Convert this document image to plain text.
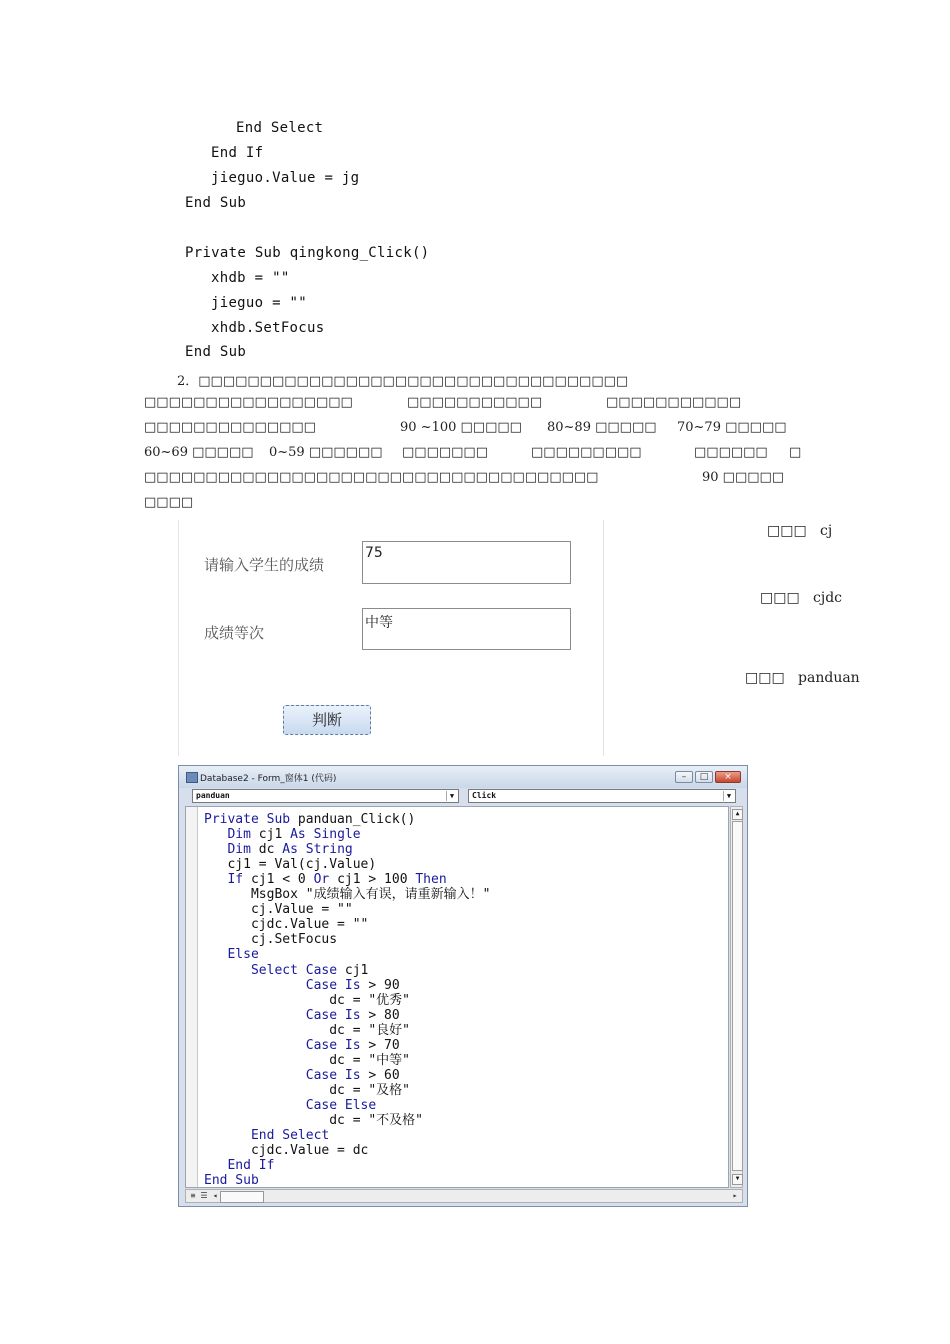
End Select
End If
jieguo.Value = jg
End Sub
Private Sub qingkong_Click()
xhdb = ""
jieguo = ""
xhdb.SetFocus
End Sub
2．□□□□□□□□□□□□□□□□□□□□□□□□□□□□□□□□□□□
□□□□□□□□□□□□□□□□□	□□□□□□□□□□□	□□□□□□□□□□□
□□□□□□□□□□□□□□	90 ~100 □□□□□ 80~89 □□□□□ 70~79 □□□□□
60~69 □□□□□ 0~59 □□□□□□ □□□□□□□	□□□□□□□□□	□□□□□□ □
□□□□□□□□□□□□□□□□□□□□□□□□□□□□□□□□□□□□□	90 □□□□□
□□□□
□□□   cj
□□□   cjdc
□□□   panduan
请输入学生的成绩
75
成绩等次
中等
判断
Database2 - Form_窗体1 (代码)	–	□	×
panduan	▼	Click	▼
Private Sub panduan_Click()
Dim cj1 As Single
Dim dc As String
cj1 = Val(cj.Value)
If cj1 < 0 Or cj1 > 100 Then
MsgBox "成绩输入有误，请重新输入！"
cj.Value = ""
cjdc.Value = ""
cj.SetFocus
Else
Select Case cj1
Case Is > 90
dc = "优秀"
Case Is > 80
dc = "良好"
Case Is > 70
dc = "中等"
Case Is > 60
dc = "及格"
Case Else
dc = "不及格"
End Select
cjdc.Value = dc
End If
End Sub
▲
▼
≡ ☰ ◂	▸
